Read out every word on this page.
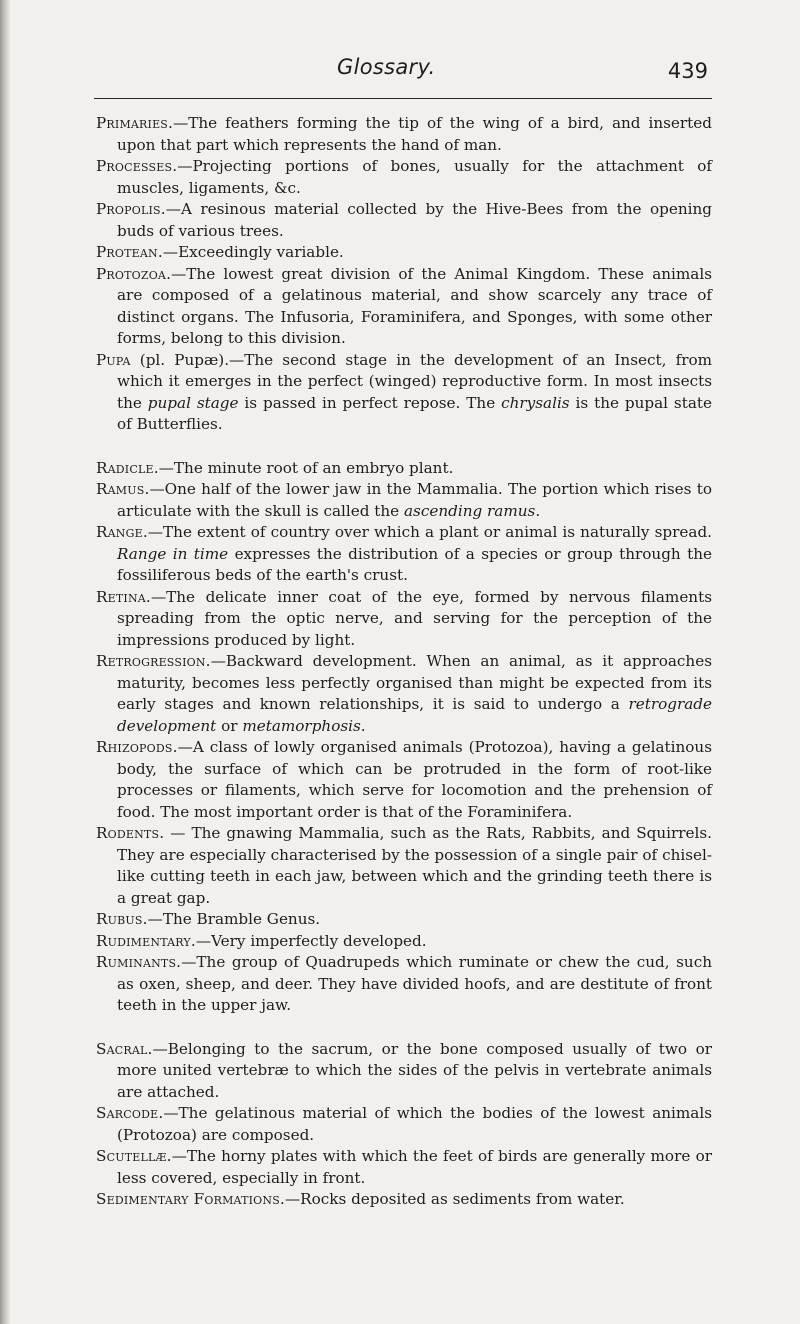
Glossary.	439

Primaries.—The feathers forming the tip of the wing of a bird, and inserted upon that part which represents the hand of man.

Processes.—Projecting portions of bones, usually for the attachment of muscles, ligaments, &c.

Propolis.—A resinous material collected by the Hive-Bees from the opening buds of various trees.

Protean.—Exceedingly variable.

Protozoa.—The lowest great division of the Animal Kingdom. These animals are composed of a gelatinous material, and show scarcely any trace of distinct organs. The Infusoria, Foraminifera, and Sponges, with some other forms, belong to this division.

Pupa (pl. Pupæ).—The second stage in the development of an Insect, from which it emerges in the perfect (winged) reproductive form. In most insects the pupal stage is passed in perfect repose. The chrysalis is the pupal state of Butterflies.

Radicle.—The minute root of an embryo plant.

Ramus.—One half of the lower jaw in the Mammalia. The portion which rises to articulate with the skull is called the ascending ramus.

Range.—The extent of country over which a plant or animal is naturally spread. Range in time expresses the distribution of a species or group through the fossiliferous beds of the earth's crust.

Retina.—The delicate inner coat of the eye, formed by nervous filaments spreading from the optic nerve, and serving for the perception of the impressions produced by light.

Retrogression.—Backward development. When an animal, as it approaches maturity, becomes less perfectly organised than might be expected from its early stages and known relationships, it is said to undergo a retrograde development or metamorphosis.

Rhizopods.—A class of lowly organised animals (Protozoa), having a gelatinous body, the surface of which can be protruded in the form of root-like processes or filaments, which serve for locomotion and the prehension of food. The most important order is that of the Foraminifera.

Rodents. — The gnawing Mammalia, such as the Rats, Rabbits, and Squirrels. They are especially characterised by the possession of a single pair of chisel-like cutting teeth in each jaw, between which and the grinding teeth there is a great gap.

Rubus.—The Bramble Genus.

Rudimentary.—Very imperfectly developed.

Ruminants.—The group of Quadrupeds which ruminate or chew the cud, such as oxen, sheep, and deer. They have divided hoofs, and are destitute of front teeth in the upper jaw.

Sacral.—Belonging to the sacrum, or the bone composed usually of two or more united vertebræ to which the sides of the pelvis in vertebrate animals are attached.

Sarcode.—The gelatinous material of which the bodies of the lowest animals (Protozoa) are composed.

Scutellæ.—The horny plates with which the feet of birds are generally more or less covered, especially in front.

Sedimentary Formations.—Rocks deposited as sediments from water.
